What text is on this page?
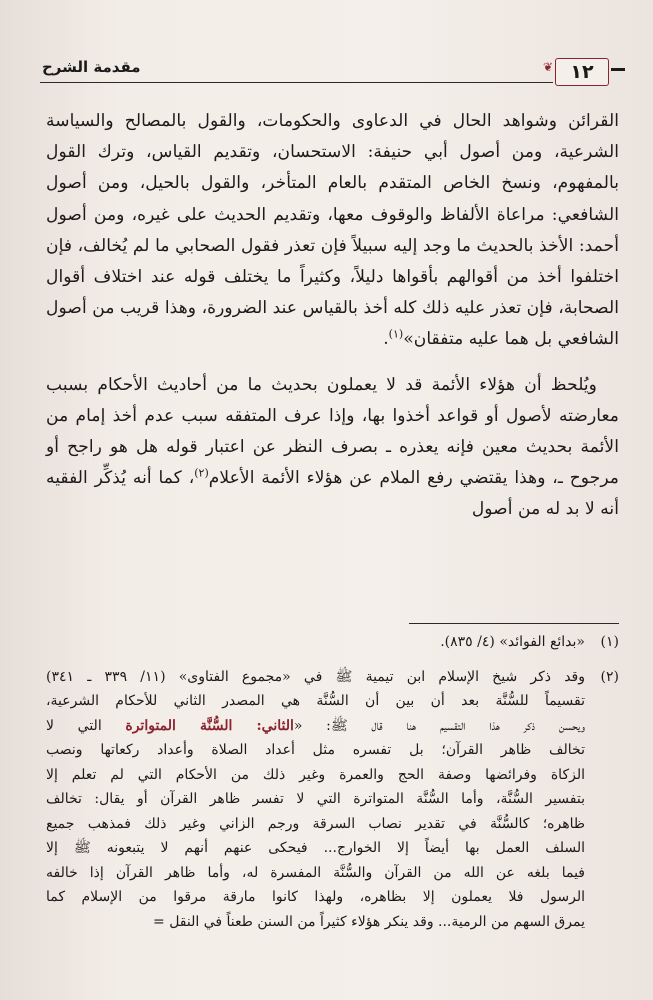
١٢
❦
مقدمة الشرح

القرائن وشواهد الحال في الدعاوى والحكومات، والقول بالمصالح والسياسة الشرعية، ومن أصول أبي حنيفة: الاستحسان، وتقديم القياس، وترك القول بالمفهوم، ونسخ الخاص المتقدم بالعام المتأخر، والقول بالحيل، ومن أصول الشافعي: مراعاة الألفاظ والوقوف معها، وتقديم الحديث على غيره، ومن أصول أحمد: الأخذ بالحديث ما وجد إليه سبيلاً فإن تعذر فقول الصحابي ما لم يُخالف، فإن اختلفوا أخذ من أقوالهم بأقواها دليلاً، وكثيراً ما يختلف قوله عند اختلاف أقوال الصحابة، فإن تعذر عليه ذلك كله أخذ بالقياس عند الضرورة، وهذا قريب من أصول الشافعي بل هما عليه متفقان»$^{(١)}$.

ويُلحظ أن هؤلاء الأئمة قد لا يعملون بحديث ما من أحاديث الأحكام بسبب معارضته لأصول أو قواعد أخذوا بها، وإذا عرف المتفقه سبب عدم أخذ إمام من الأئمة بحديث معين فإنه يعذره ـ بصرف النظر عن اعتبار قوله هل هو راجح أو مرجوح ـ، وهذا يقتضي رفع الملام عن هؤلاء الأئمة الأعلام$^{(٢)}$، كما أنه يُذكِّر الفقيه أنه لا بد له من أصول

(١)
«بدائع الفوائد» (٤/ ٨٣٥).
(٢)
وقد ذكر شيخ الإسلام ابن تيمية ﷺ في «مجموع الفتاوى» (١١/ ٣٣٩ ـ ٣٤١)
تقسيماً للسُّنَّة بعد أن بين أن السُّنَّة هي المصدر الثاني للأحكام الشرعية،
ويحسن ذكر هذا التقسيم هنا قال ﷺ: «الثاني: السُّنَّة المتواترة التي لا
تخالف ظاهر القرآن؛ بل تفسره مثل أعداد الصلاة وأعداد ركعاتها ونصب
الزكاة وفرائضها وصفة الحج والعمرة وغير ذلك من الأحكام التي لم تعلم إلا
بتفسير السُّنَّة، وأما السُّنَّة المتواترة التي لا تفسر ظاهر القرآن أو يقال: تخالف
ظاهره؛ كالسُّنَّة في تقدير نصاب السرقة ورجم الزاني وغير ذلك فمذهب جميع
السلف العمل بها أيضاً إلا الخوارج... فيحكى عنهم أنهم لا يتبعونه ﷺ إلا
فيما بلغه عن الله من القرآن والسُّنَّة المفسرة له، وأما ظاهر القرآن إذا خالفه
الرسول فلا يعملون إلا بظاهره، ولهذا كانوا مارقة مرقوا من الإسلام كما
يمرق السهم من الرمية... وقد ينكر هؤلاء كثيراً من السنن طعناً في النقل =
